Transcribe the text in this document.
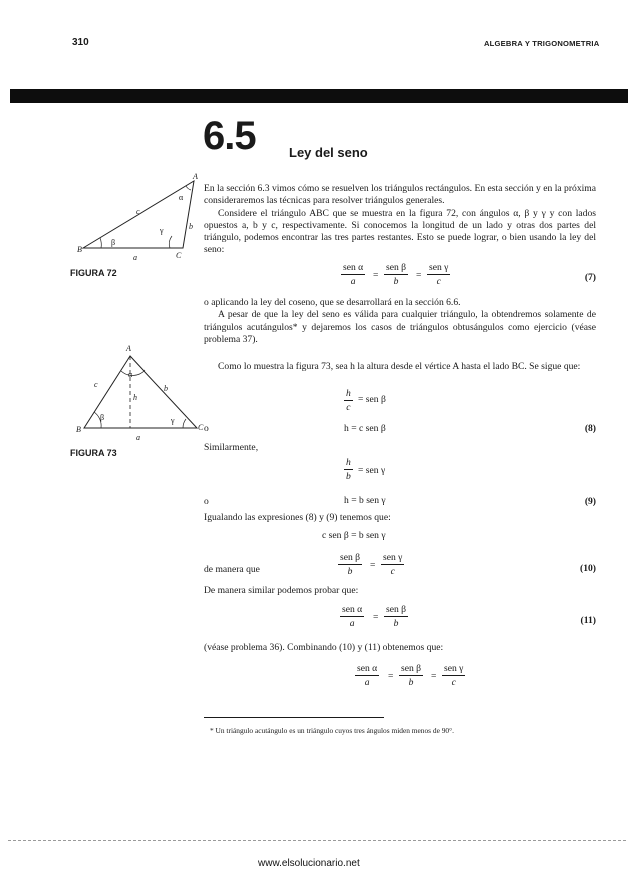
310	ALGEBRA Y TRIGONOMETRIA
6.5	Ley del seno
A
B
C
c
b
a
α
β
γ
FIGURA 72
A
B	C
c	b
h
a
α
β	γ
FIGURA 73

En la sección 6.3 vimos cómo se resuelven los triángulos rectángulos. En esta sección y en la próxima consideraremos las técnicas para resolver triángulos generales.

Considere el triángulo ABC que se muestra en la figura 72, con ángulos α, β y γ y con lados opuestos a, b y c, respectivamente. Si conocemos la longitud de un lado y otras dos partes del triángulo, podemos encontrar las tres partes restantes. Esto se puede lograr, o bien usando la ley del seno:

sen α
a
=
sen β
b
=
sen γ
c	(7)

o aplicando la ley del coseno, que se desarrollará en la sección 6.6.

A pesar de que la ley del seno es válida para cualquier triángulo, la obtendremos solamente de triángulos acutángulos* y dejaremos los casos de triángulos obtusángulos como ejercicio (véase problema 37).

Como lo muestra la figura 73, sea h la altura desde el vértice A hasta el lado BC. Se sigue que:

$\frac{h}{c}$ = sen β
o	h = c sen β	(8)
Similarmente,
$\frac{h}{b}$ = sen γ
o	h = b sen γ	(9)
Igualando las expresiones (8) y (9) tenemos que:
c sen β = b sen γ
de manera que
sen β
b
=
sen γ
c	(10)
De manera similar podemos probar que:
sen α
a
=
sen β
b	(11)
(véase problema 36). Combinando (10) y (11) obtenemos que:
sen α
a
=
sen β
b
=
sen γ
c
* Un triángulo acutángulo es un triángulo cuyos tres ángulos miden menos de 90°.
www.elsolucionario.net
